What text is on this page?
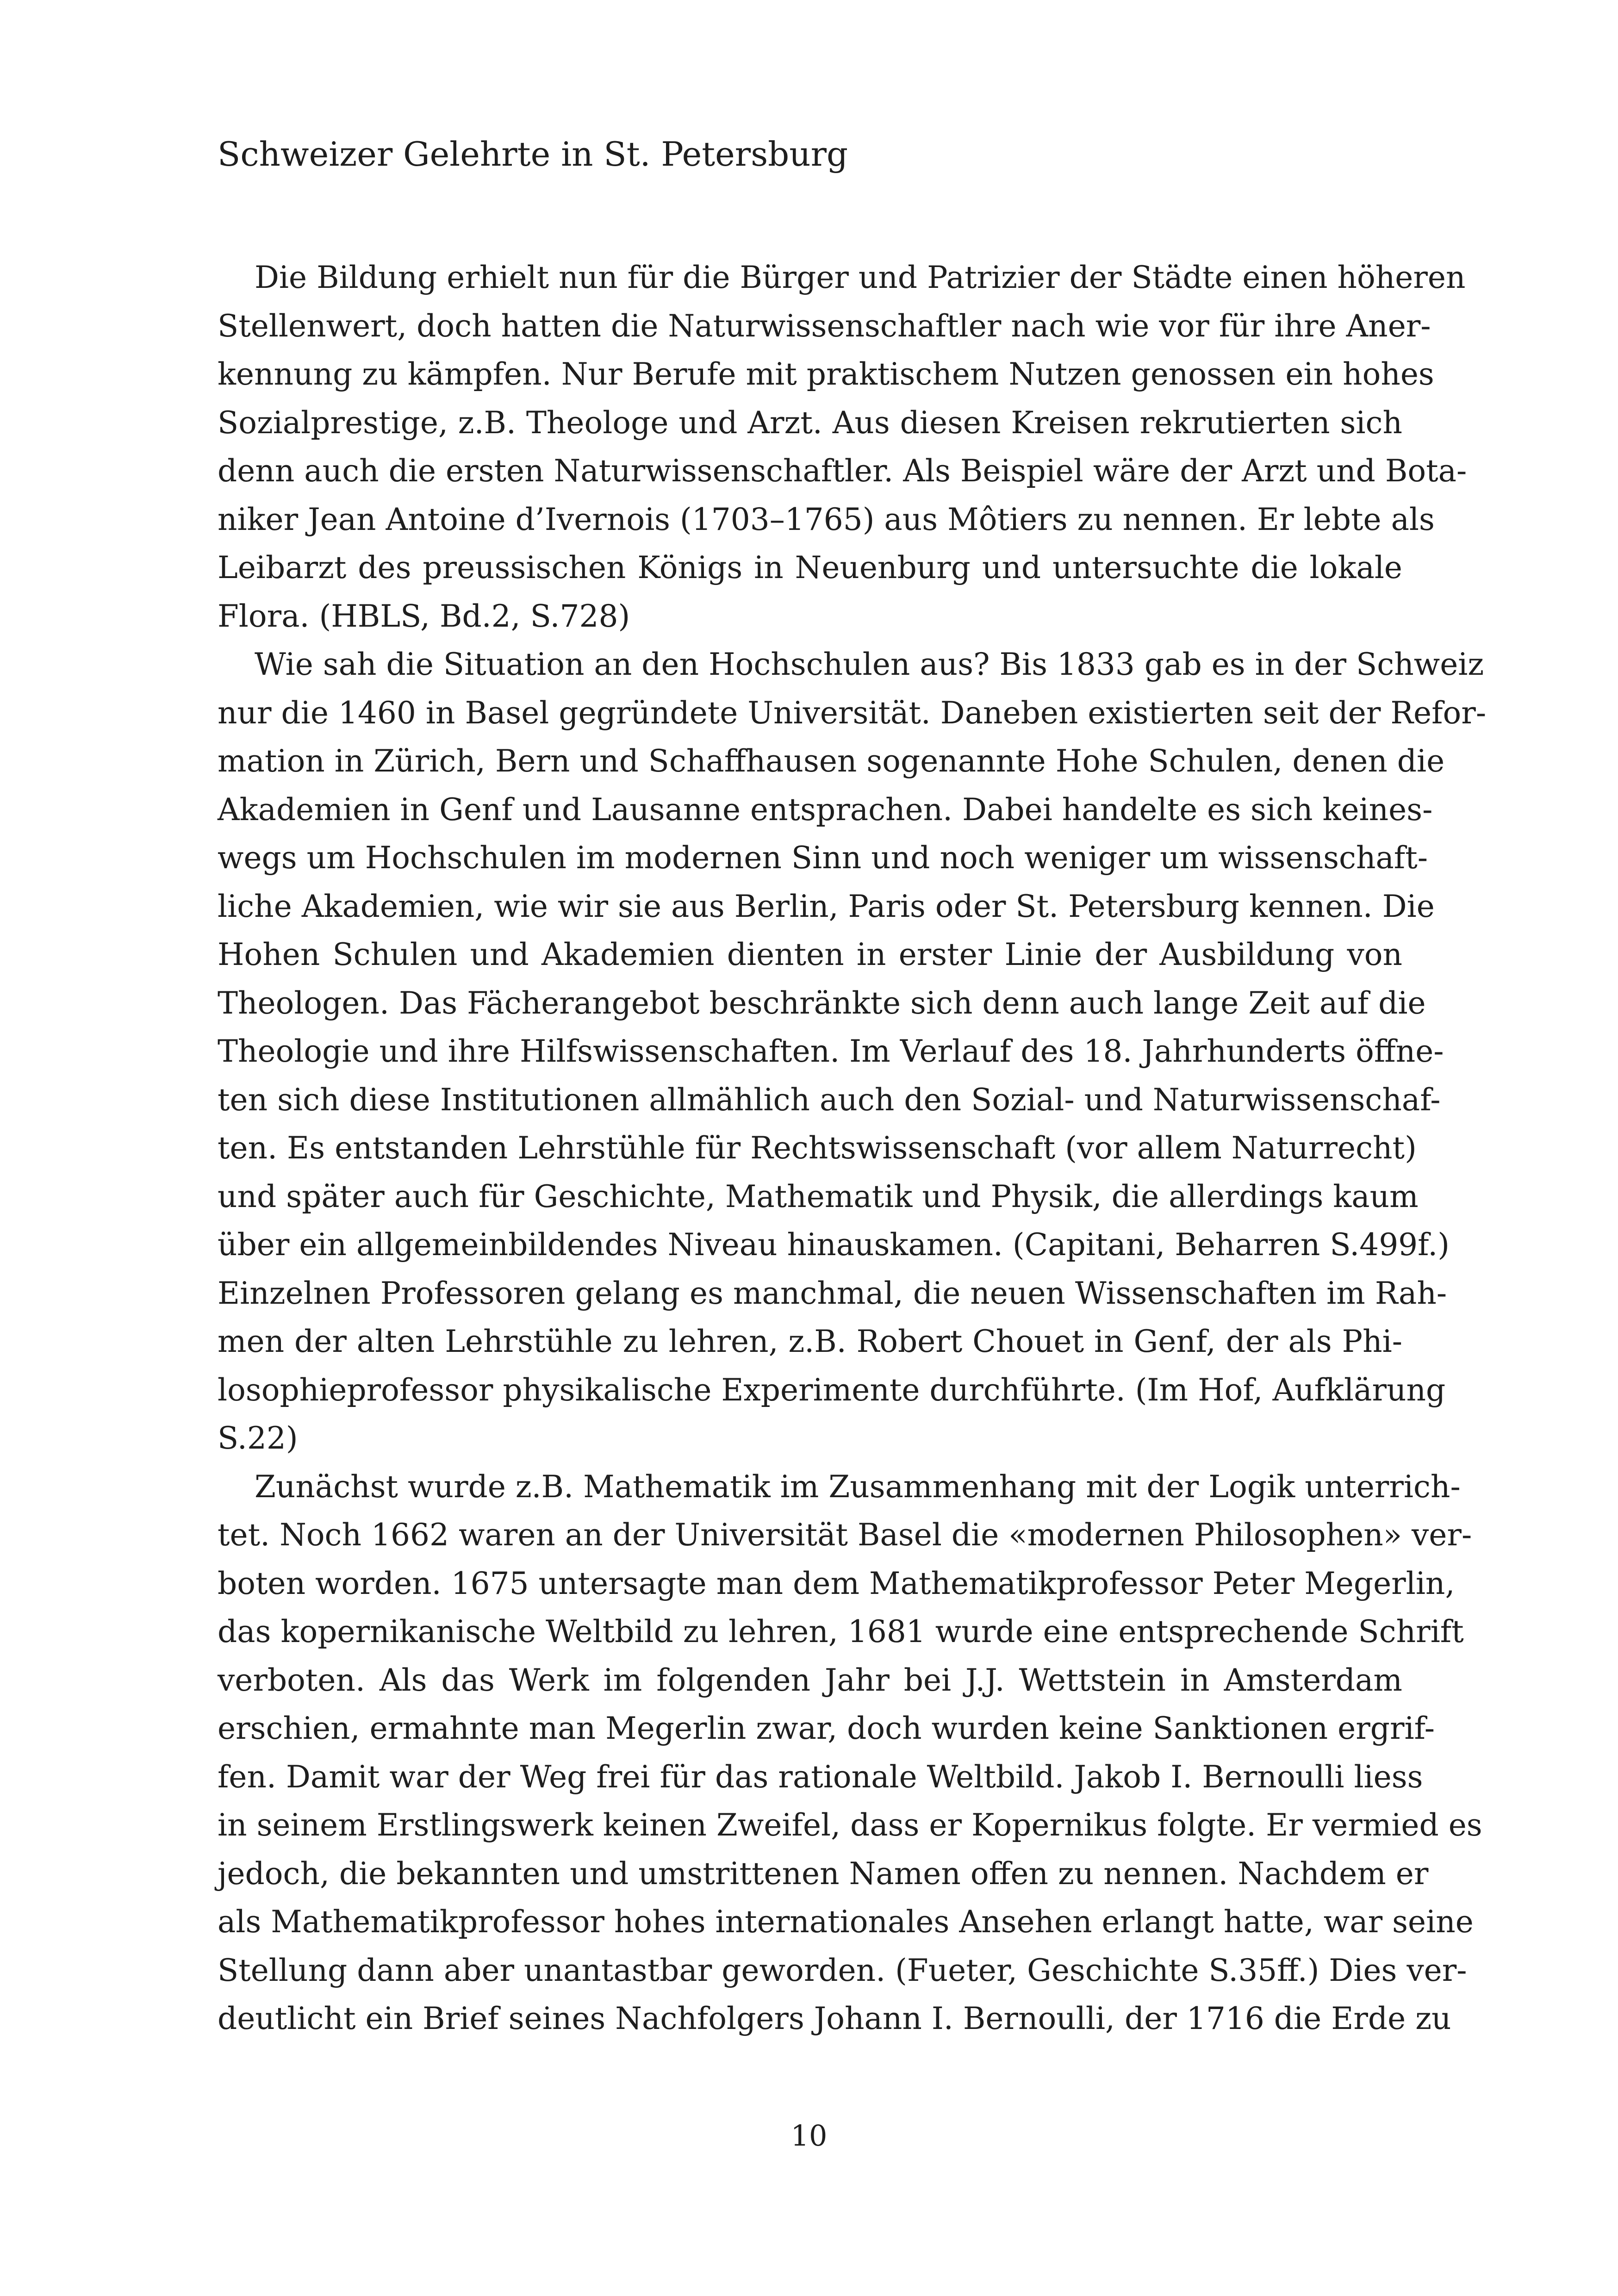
Schweizer Gelehrte in St. Petersburg
Die Bildung erhielt nun für die Bürger und Patrizier der Städte einen höheren
Stellenwert, doch hatten die Naturwissenschaftler nach wie vor für ihre Aner-
kennung zu kämpfen. Nur Berufe mit praktischem Nutzen genossen ein hohes
Sozialprestige, z.B. Theologe und Arzt. Aus diesen Kreisen rekrutierten sich
denn auch die ersten Naturwissenschaftler. Als Beispiel wäre der Arzt und Bota-
niker Jean Antoine d’Ivernois (1703–1765) aus Môtiers zu nennen. Er lebte als
Leibarzt des preussischen Königs in Neuenburg und untersuchte die lokale
Flora. (HBLS, Bd.2, S.728)
Wie sah die Situation an den Hochschulen aus? Bis 1833 gab es in der Schweiz
nur die 1460 in Basel gegründete Universität. Daneben existierten seit der Refor-
mation in Zürich, Bern und Schaffhausen sogenannte Hohe Schulen, denen die
Akademien in Genf und Lausanne entsprachen. Dabei handelte es sich keines-
wegs um Hochschulen im modernen Sinn und noch weniger um wissenschaft-
liche Akademien, wie wir sie aus Berlin, Paris oder St. Petersburg kennen. Die
Hohen Schulen und Akademien dienten in erster Linie der Ausbildung von
Theologen. Das Fächerangebot beschränkte sich denn auch lange Zeit auf die
Theologie und ihre Hilfswissenschaften. Im Verlauf des 18. Jahrhunderts öffne-
ten sich diese Institutionen allmählich auch den Sozial- und Naturwissenschaf-
ten. Es entstanden Lehrstühle für Rechtswissenschaft (vor allem Naturrecht)
und später auch für Geschichte, Mathematik und Physik, die allerdings kaum
über ein allgemeinbildendes Niveau hinauskamen. (Capitani, Beharren S.499f.)
Einzelnen Professoren gelang es manchmal, die neuen Wissenschaften im Rah-
men der alten Lehrstühle zu lehren, z.B. Robert Chouet in Genf, der als Phi-
losophieprofessor physikalische Experimente durchführte. (Im Hof, Aufklärung
S.22)
Zunächst wurde z.B. Mathematik im Zusammenhang mit der Logik unterrich-
tet. Noch 1662 waren an der Universität Basel die «modernen Philosophen» ver-
boten worden. 1675 untersagte man dem Mathematikprofessor Peter Megerlin,
das kopernikanische Weltbild zu lehren, 1681 wurde eine entsprechende Schrift
verboten. Als das Werk im folgenden Jahr bei J.J. Wettstein in Amsterdam
erschien, ermahnte man Megerlin zwar, doch wurden keine Sanktionen ergrif-
fen. Damit war der Weg frei für das rationale Weltbild. Jakob I. Bernoulli liess
in seinem Erstlingswerk keinen Zweifel, dass er Kopernikus folgte. Er vermied es
jedoch, die bekannten und umstrittenen Namen offen zu nennen. Nachdem er
als Mathematikprofessor hohes internationales Ansehen erlangt hatte, war seine
Stellung dann aber unantastbar geworden. (Fueter, Geschichte S.35ff.) Dies ver-
deutlicht ein Brief seines Nachfolgers Johann I. Bernoulli, der 1716 die Erde zu
10
